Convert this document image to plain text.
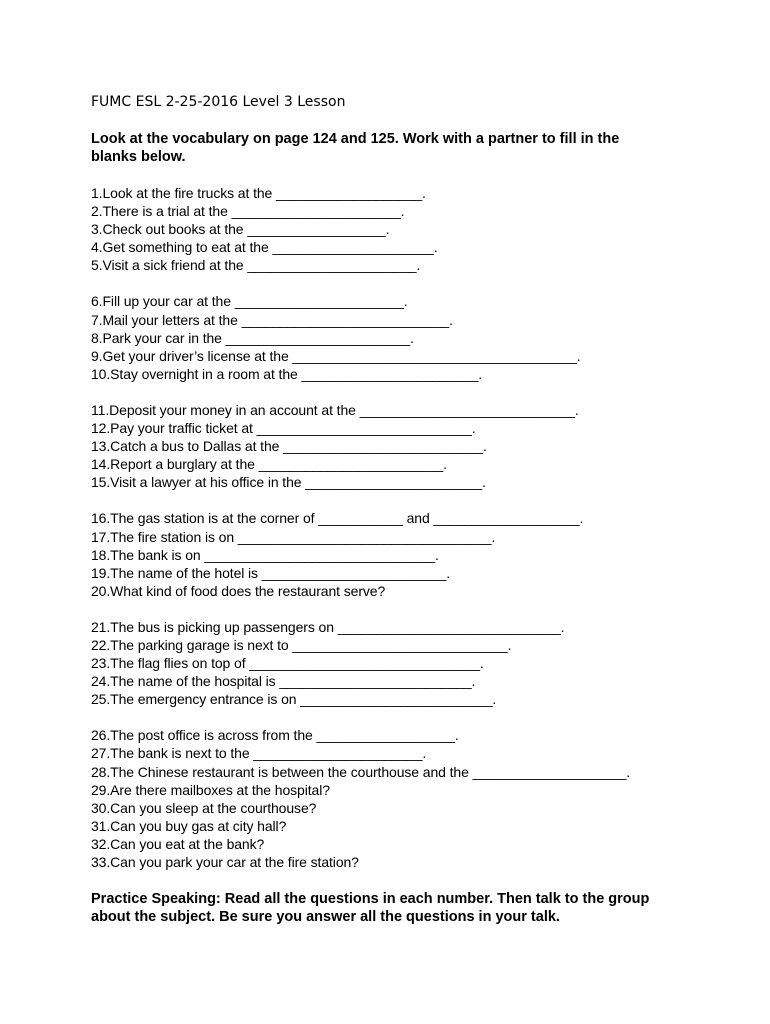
FUMC ESL 2-25-2016 Level 3 Lesson
Look at the vocabulary on page 124 and 125. Work with a partner to fill in the
blanks below.
1.Look at the fire trucks at the ___________________.
2.There is a trial at the ______________________.
3.Check out books at the __________________.
4.Get something to eat at the _____________________.
5.Visit a sick friend at the ______________________.
6.Fill up your car at the ______________________.
7.Mail your letters at the ___________________________.
8.Park your car in the ________________________.
9.Get your driver’s license at the _____________________________________.
10.Stay overnight in a room at the _______________________.
11.Deposit your money in an account at the ____________________________.
12.Pay your traffic ticket at ____________________________.
13.Catch a bus to Dallas at the __________________________.
14.Report a burglary at the ________________________.
15.Visit a lawyer at his office in the _______________________.
16.The gas station is at the corner of ___________ and ___________________.
17.The fire station is on _________________________________.
18.The bank is on ______________________________.
19.The name of the hotel is ________________________.
20.What kind of food does the restaurant serve?
21.The bus is picking up passengers on _____________________________.
22.The parking garage is next to ____________________________.
23.The flag flies on top of ______________________________.
24.The name of the hospital is _________________________.
25.The emergency entrance is on _________________________.
26.The post office is across from the __________________.
27.The bank is next to the ______________________.
28.The Chinese restaurant is between the courthouse and the ____________________.
29.Are there mailboxes at the hospital?
30.Can you sleep at the courthouse?
31.Can you buy gas at city hall?
32.Can you eat at the bank?
33.Can you park your car at the fire station?
Practice Speaking: Read all the questions in each number. Then talk to the group
about the subject. Be sure you answer all the questions in your talk.
